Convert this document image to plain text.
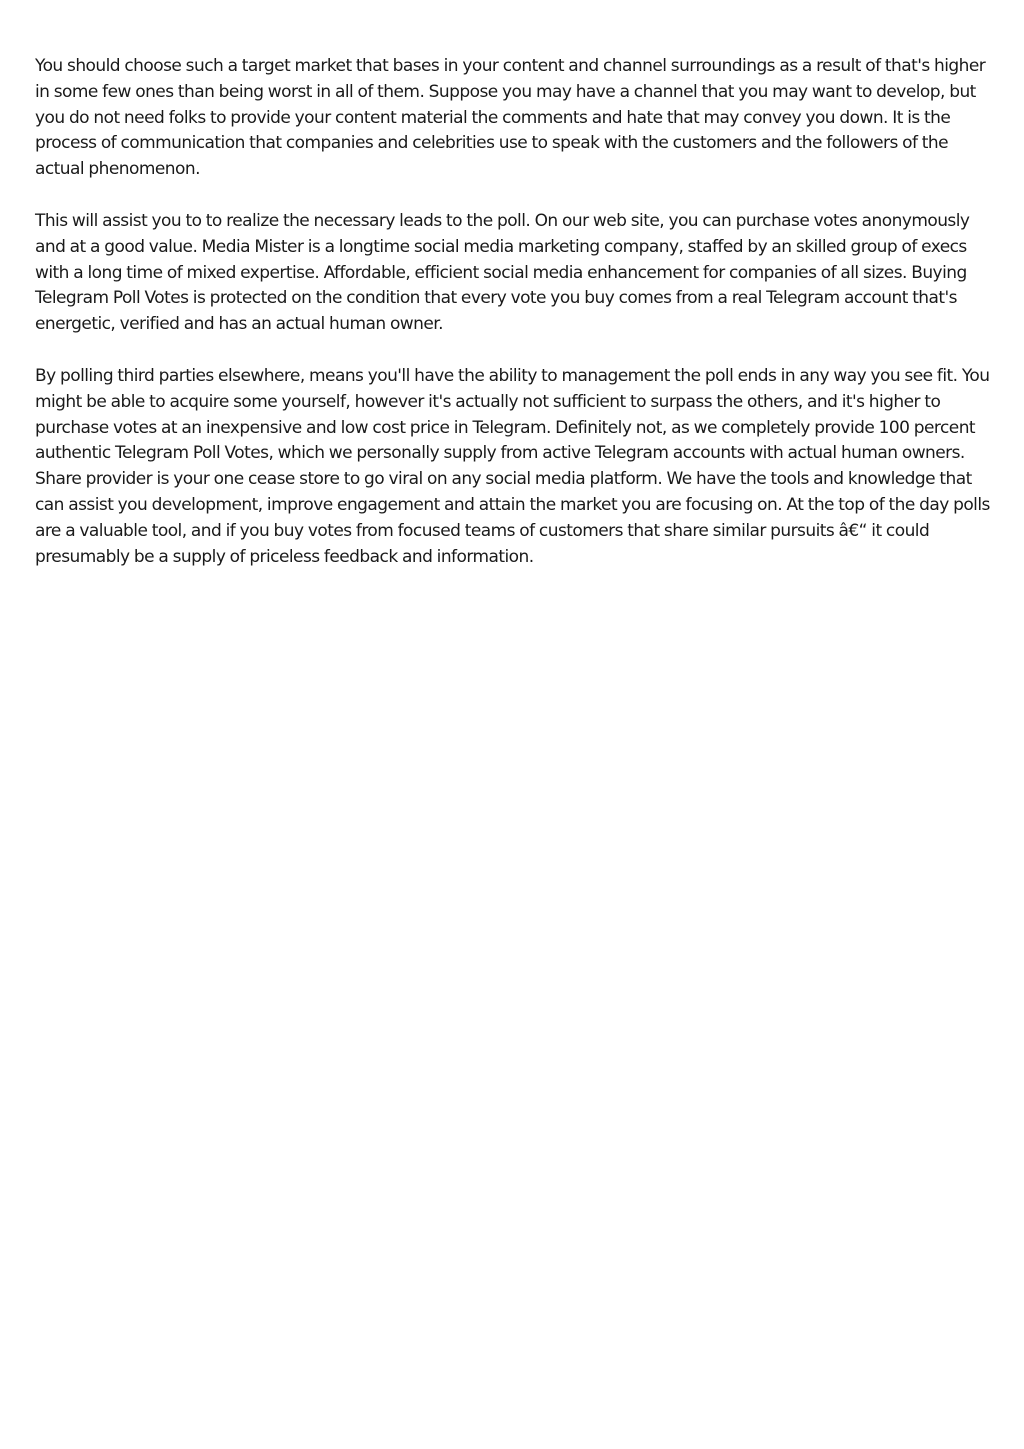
You should choose such a target market that bases in your content and channel surroundings as a result of that's higher in some few ones than being worst in all of them. Suppose you may have a channel that you may want to develop, but you do not need folks to provide your content material the comments and hate that may convey you down. It is the process of communication that companies and celebrities use to speak with the customers and the followers of the actual phenomenon.

This will assist you to to realize the necessary leads to the poll. On our web site, you can purchase votes anonymously and at a good value. Media Mister is a longtime social media marketing company, staffed by an skilled group of execs with a long time of mixed expertise. Affordable, efficient social media enhancement for companies of all sizes. Buying Telegram Poll Votes is protected on the condition that every vote you buy comes from a real Telegram account that's energetic, verified and has an actual human owner.

By polling third parties elsewhere, means you'll have the ability to management the poll ends in any way you see fit. You might be able to acquire some yourself, however it's actually not sufficient to surpass the others, and it's higher to purchase votes at an inexpensive and low cost price in Telegram. Definitely not, as we completely provide 100 percent authentic Telegram Poll Votes, which we personally supply from active Telegram accounts with actual human owners. Share provider is your one cease store to go viral on any social media platform. We have the tools and knowledge that can assist you development, improve engagement and attain the market you are focusing on. At the top of the day polls are a valuable tool, and if you buy votes from focused teams of customers that share similar pursuits â€“ it could presumably be a supply of priceless feedback and information.
